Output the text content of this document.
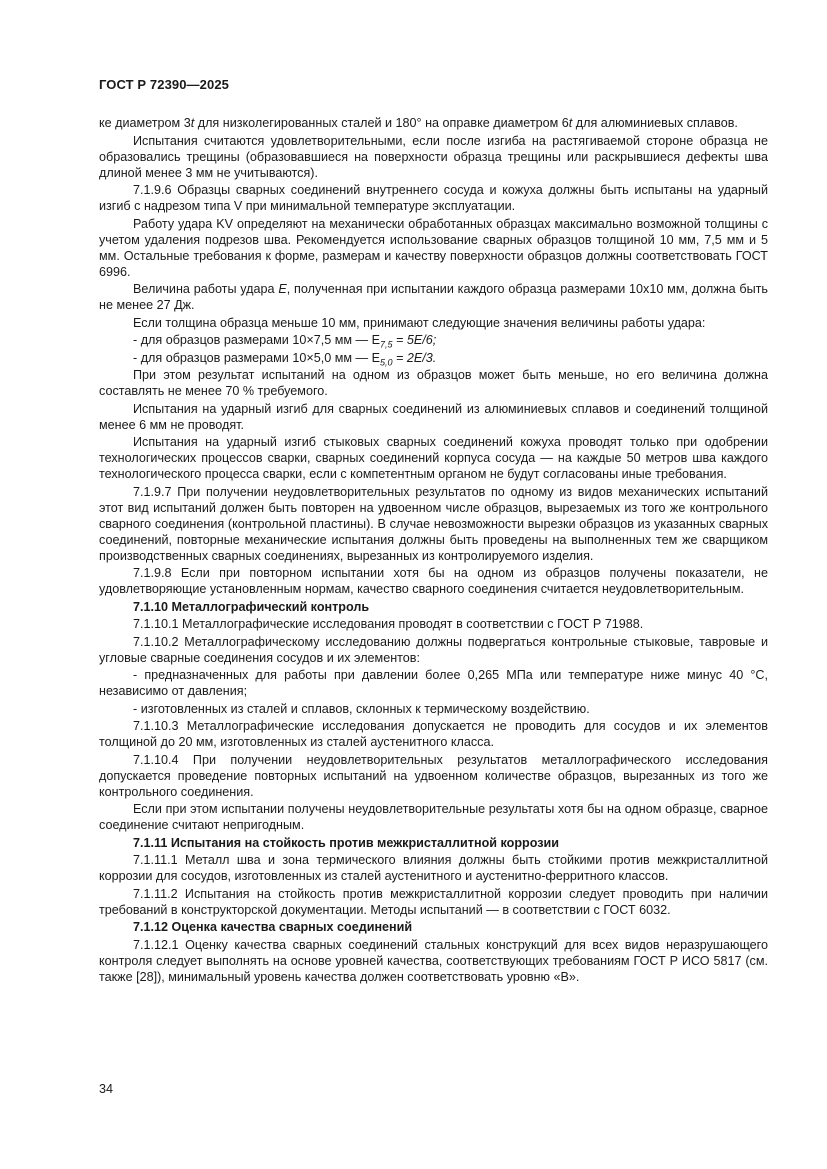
ГОСТ Р 72390—2025

ке диаметром 3t для низколегированных сталей и 180° на оправке диаметром 6t для алюминиевых сплавов.

Испытания считаются удовлетворительными, если после изгиба на растягиваемой стороне образца не образовались трещины (образовавшиеся на поверхности образца трещины или раскрывшиеся дефекты шва длиной менее 3 мм не учитываются).

7.1.9.6 Образцы сварных соединений внутреннего сосуда и кожуха должны быть испытаны на ударный изгиб с надрезом типа V при минимальной температуре эксплуатации.

Работу удара KV определяют на механически обработанных образцах максимально возможной толщины с учетом удаления подрезов шва. Рекомендуется использование сварных образцов толщиной 10 мм, 7,5 мм и 5 мм. Остальные требования к форме, размерам и качеству поверхности образцов должны соответствовать ГОСТ 6996.

Величина работы удара E, полученная при испытании каждого образца размерами 10x10 мм, должна быть не менее 27 Дж.

Если толщина образца меньше 10 мм, принимают следующие значения величины работы удара:

- для образцов размерами 10×7,5 мм — $E_{7,5} = 5E/6$;

- для образцов размерами 10×5,0 мм — $E_{5,0} = 2E/3$.

При этом результат испытаний на одном из образцов может быть меньше, но его величина должна составлять не менее 70 % требуемого.

Испытания на ударный изгиб для сварных соединений из алюминиевых сплавов и соединений толщиной менее 6 мм не проводят.

Испытания на ударный изгиб стыковых сварных соединений кожуха проводят только при одобрении технологических процессов сварки, сварных соединений корпуса сосуда — на каждые 50 метров шва каждого технологического процесса сварки, если с компетентным органом не будут согласованы иные требования.

7.1.9.7 При получении неудовлетворительных результатов по одному из видов механических испытаний этот вид испытаний должен быть повторен на удвоенном числе образцов, вырезаемых из того же контрольного сварного соединения (контрольной пластины). В случае невозможности вырезки образцов из указанных сварных соединений, повторные механические испытания должны быть проведены на выполненных тем же сварщиком производственных сварных соединениях, вырезанных из контролируемого изделия.

7.1.9.8 Если при повторном испытании хотя бы на одном из образцов получены показатели, не удовлетворяющие установленным нормам, качество сварного соединения считается неудовлетворительным.

7.1.10 Металлографический контроль

7.1.10.1 Металлографические исследования проводят в соответствии с ГОСТ Р 71988.

7.1.10.2 Металлографическому исследованию должны подвергаться контрольные стыковые, тавровые и угловые сварные соединения сосудов и их элементов:

- предназначенных для работы при давлении более 0,265 МПа или температуре ниже минус 40 °С, независимо от давления;

- изготовленных из сталей и сплавов, склонных к термическому воздействию.

7.1.10.3 Металлографические исследования допускается не проводить для сосудов и их элементов толщиной до 20 мм, изготовленных из сталей аустенитного класса.

7.1.10.4 При получении неудовлетворительных результатов металлографического исследования допускается проведение повторных испытаний на удвоенном количестве образцов, вырезанных из того же контрольного соединения.

Если при этом испытании получены неудовлетворительные результаты хотя бы на одном образце, сварное соединение считают непригодным.

7.1.11 Испытания на стойкость против межкристаллитной коррозии

7.1.11.1 Металл шва и зона термического влияния должны быть стойкими против межкристаллитной коррозии для сосудов, изготовленных из сталей аустенитного и аустенитно-ферритного классов.

7.1.11.2 Испытания на стойкость против межкристаллитной коррозии следует проводить при наличии требований в конструкторской документации. Методы испытаний — в соответствии с ГОСТ 6032.

7.1.12 Оценка качества сварных соединений

7.1.12.1 Оценку качества сварных соединений стальных конструкций для всех видов неразрушающего контроля следует выполнять на основе уровней качества, соответствующих требованиям ГОСТ Р ИСО 5817 (см. также [28]), минимальный уровень качества должен соответствовать уровню «В».

34
